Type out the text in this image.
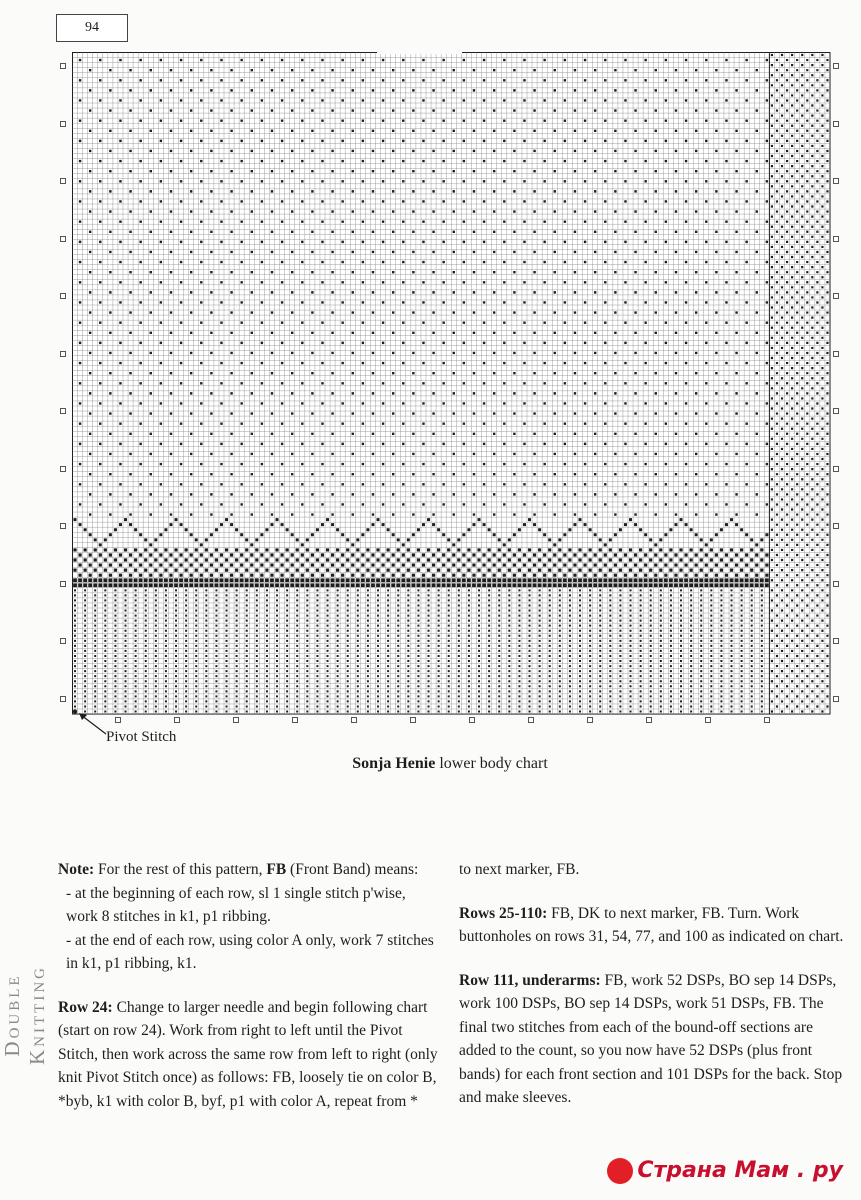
94
Pivot Stitch
Sonja Henie lower body chart
Double Knitting

Note: For the rest of this pattern, FB (Front Band) means:

- at the beginning of each row, sl 1 single stitch p'wise, work 8 stitches in k1, p1 ribbing.

- at the end of each row, using color A only, work 7 stitches in k1, p1 ribbing, k1.

Row 24: Change to larger needle and begin following chart (start on row 24). Work from right to left until the Pivot Stitch, then work across the same row from left to right (only knit Pivot Stitch once) as follows: FB, loosely tie on color B, *byb, k1 with color B, byf, p1 with color A, repeat from *

to next marker, FB.

Rows 25-110: FB, DK to next marker, FB. Turn. Work buttonholes on rows 31, 54, 77, and 100 as indicated on chart.

Row 111, underarms: FB, work 52 DSPs, BO sep 14 DSPs, work 100 DSPs, BO sep 14 DSPs, work 51 DSPs, FB. The final two stitches from each of the bound-off sections are added to the count, so you now have 52 DSPs (plus front bands) for each front section and 101 DSPs for the back. Stop and make sleeves.

Страна Мам . ру
